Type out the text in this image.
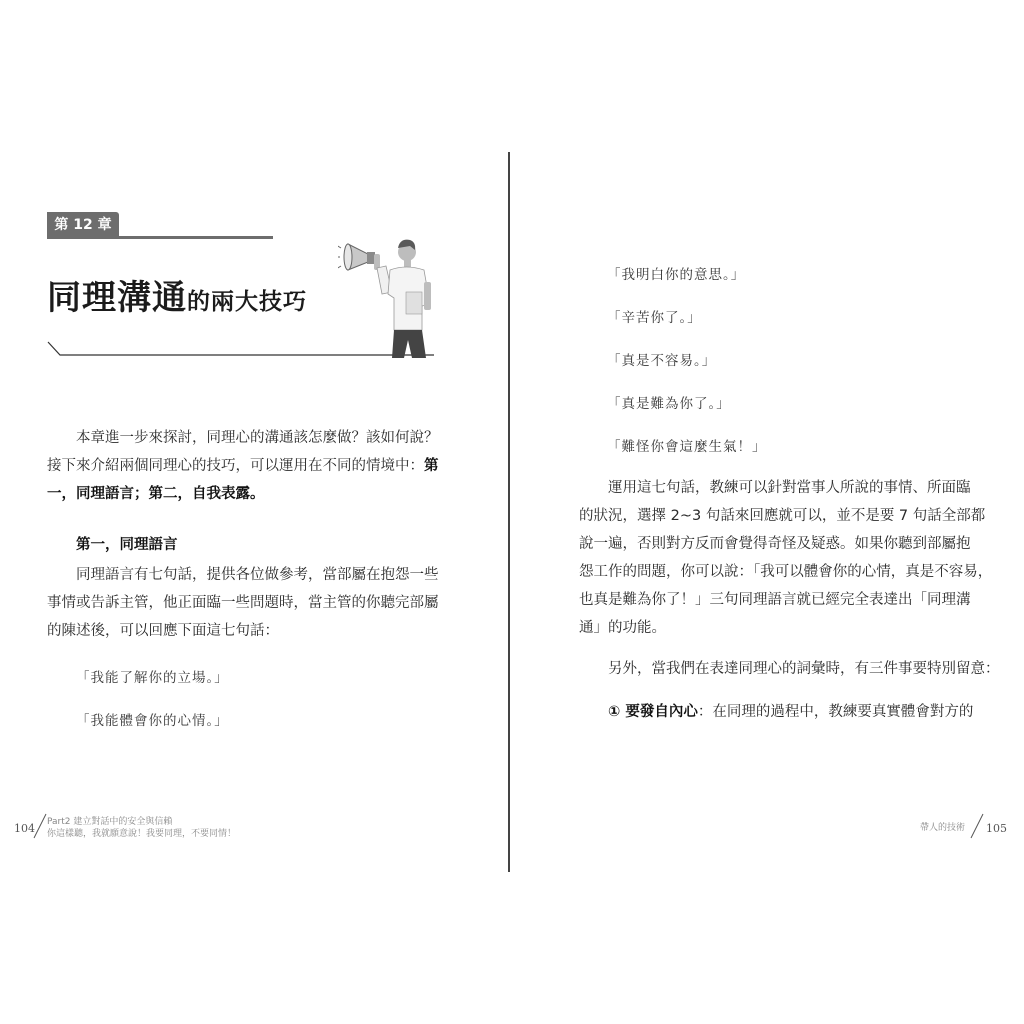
第 12 章
同理溝通的兩大技巧
本章進一步來探討，同理心的溝通該怎麼做？該如何說？
接下來介紹兩個同理心的技巧，可以運用在不同的情境中：第
一，同理語言；第二，自我表露。
第一，同理語言
同理語言有七句話，提供各位做參考，當部屬在抱怨一些
事情或告訴主管，他正面臨一些問題時，當主管的你聽完部屬
的陳述後，可以回應下面這七句話：
「我能了解你的立場。」
「我能體會你的心情。」
104 Part2 建立對話中的安全與信賴
你這樣聽，我就願意說！我要同理，不要同情！
「我明白你的意思。」
「辛苦你了。」
「真是不容易。」
「真是難為你了。」
「難怪你會這麼生氣！」
運用這七句話，教練可以針對當事人所說的事情、所面臨
的狀況，選擇 2~3 句話來回應就可以，並不是要 7 句話全部都
說一遍，否則對方反而會覺得奇怪及疑惑。如果你聽到部屬抱
怨工作的問題，你可以說：「我可以體會你的心情，真是不容易，
也真是難為你了！」三句同理語言就已經完全表達出「同理溝
通」的功能。
另外，當我們在表達同理心的詞彙時，有三件事要特別留意：
① 要發自內心：在同理的過程中，教練要真實體會對方的
帶人的技術 105
